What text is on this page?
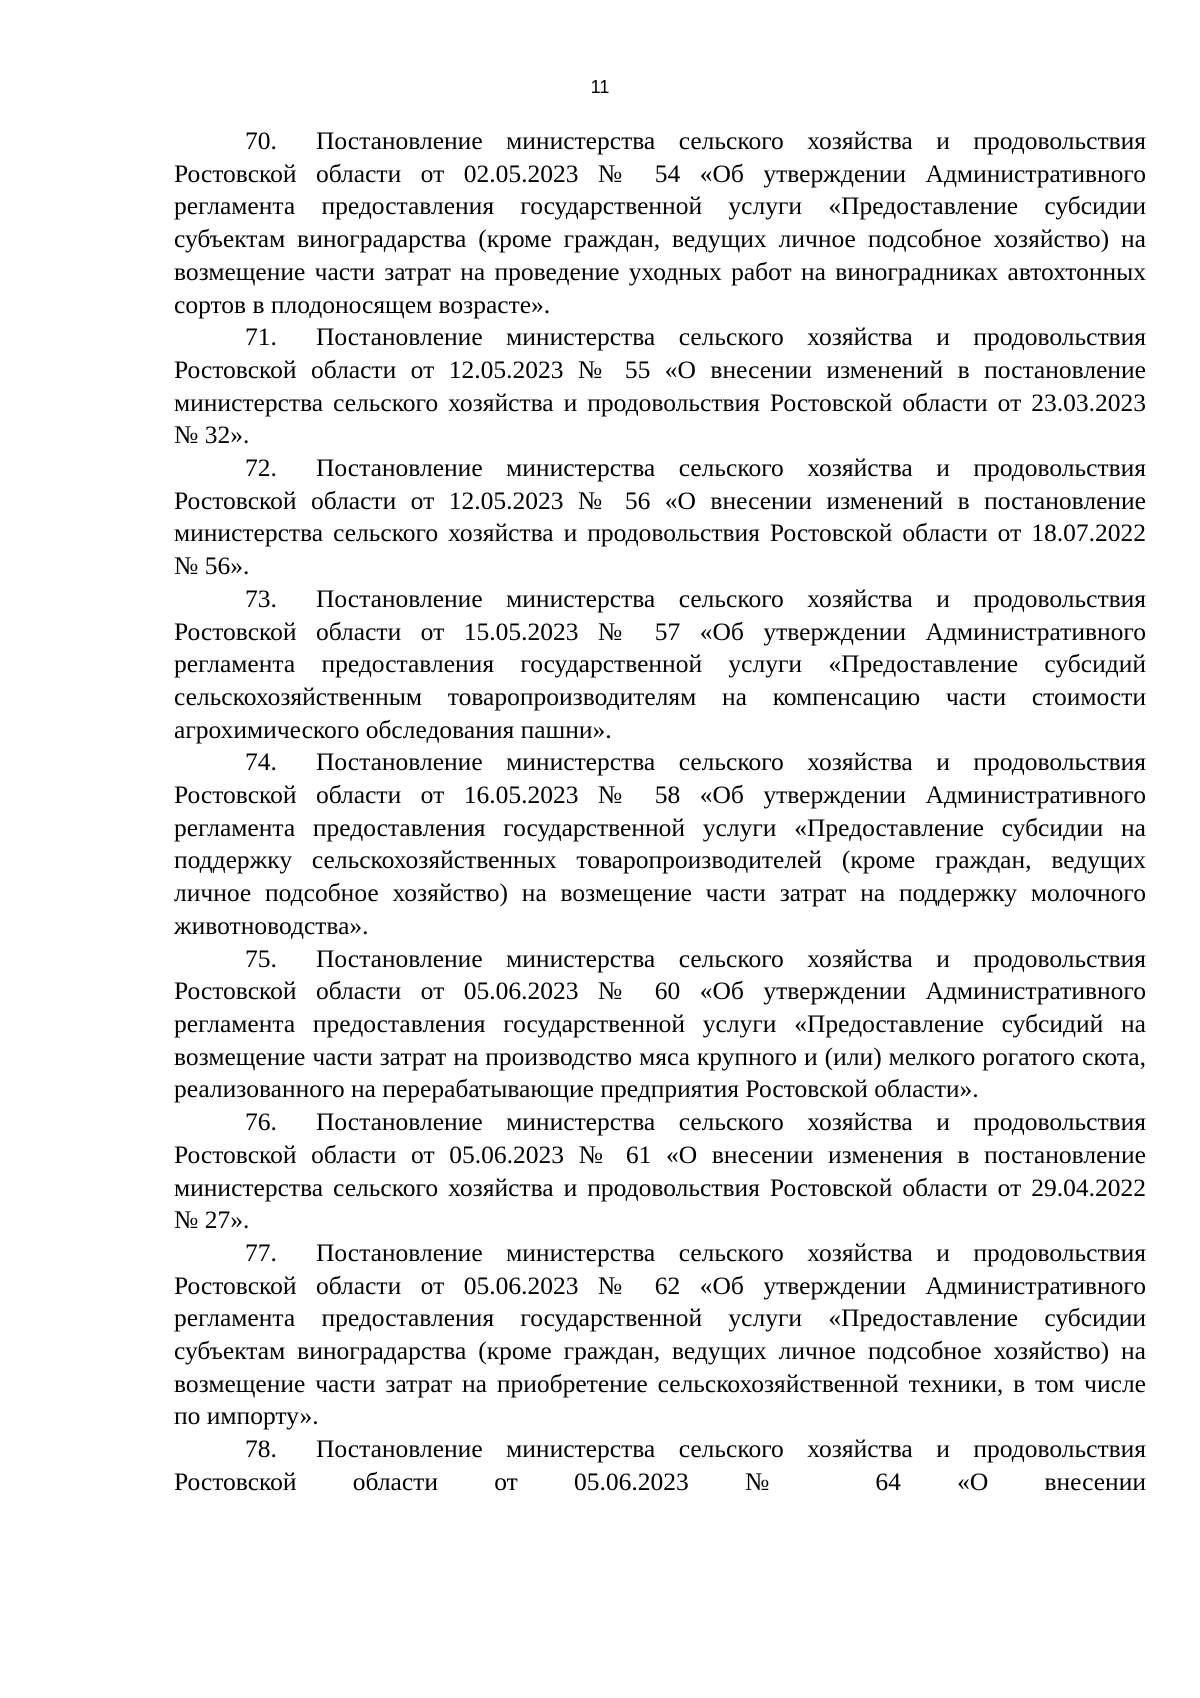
11

70. Постановление министерства сельского хозяйства и продовольствия Ростовской области от 02.05.2023 № 54 «Об утверждении Административного регламента предоставления государственной услуги «Предоставление субсидии субъектам виноградарства (кроме граждан, ведущих личное подсобное хозяйство) на возмещение части затрат на проведение уходных работ на виноградниках автохтонных сортов в плодоносящем возрасте».

71. Постановление министерства сельского хозяйства и продовольствия Ростовской области от 12.05.2023 № 55 «О внесении изменений в постановление министерства сельского хозяйства и продовольствия Ростовской области от 23.03.2023 № 32».

72. Постановление министерства сельского хозяйства и продовольствия Ростовской области от 12.05.2023 № 56 «О внесении изменений в постановление министерства сельского хозяйства и продовольствия Ростовской области от 18.07.2022 № 56».

73. Постановление министерства сельского хозяйства и продовольствия Ростовской области от 15.05.2023 № 57 «Об утверждении Административного регламента предоставления государственной услуги «Предоставление субсидий сельскохозяйственным товаропроизводителям на компенсацию части стоимости агрохимического обследования пашни».

74. Постановление министерства сельского хозяйства и продовольствия Ростовской области от 16.05.2023 № 58 «Об утверждении Административного регламента предоставления государственной услуги «Предоставление субсидии на поддержку сельскохозяйственных товаропроизводителей (кроме граждан, ведущих личное подсобное хозяйство) на возмещение части затрат на поддержку молочного животноводства».

75. Постановление министерства сельского хозяйства и продовольствия Ростовской области от 05.06.2023 № 60 «Об утверждении Административного регламента предоставления государственной услуги «Предоставление субсидий на возмещение части затрат на производство мяса крупного и (или) мелкого рогатого скота, реализованного на перерабатывающие предприятия Ростовской области».

76. Постановление министерства сельского хозяйства и продовольствия Ростовской области от 05.06.2023 № 61 «О внесении изменения в постановление министерства сельского хозяйства и продовольствия Ростовской области от 29.04.2022 № 27».

77. Постановление министерства сельского хозяйства и продовольствия Ростовской области от 05.06.2023 № 62 «Об утверждении Административного регламента предоставления государственной услуги «Предоставление субсидии субъектам виноградарства (кроме граждан, ведущих личное подсобное хозяйство) на возмещение части затрат на приобретение сельскохозяйственной техники, в том числе по импорту».

78. Постановление министерства сельского хозяйства и продовольствия Ростовской области от 05.06.2023 № 64 «О внесении
